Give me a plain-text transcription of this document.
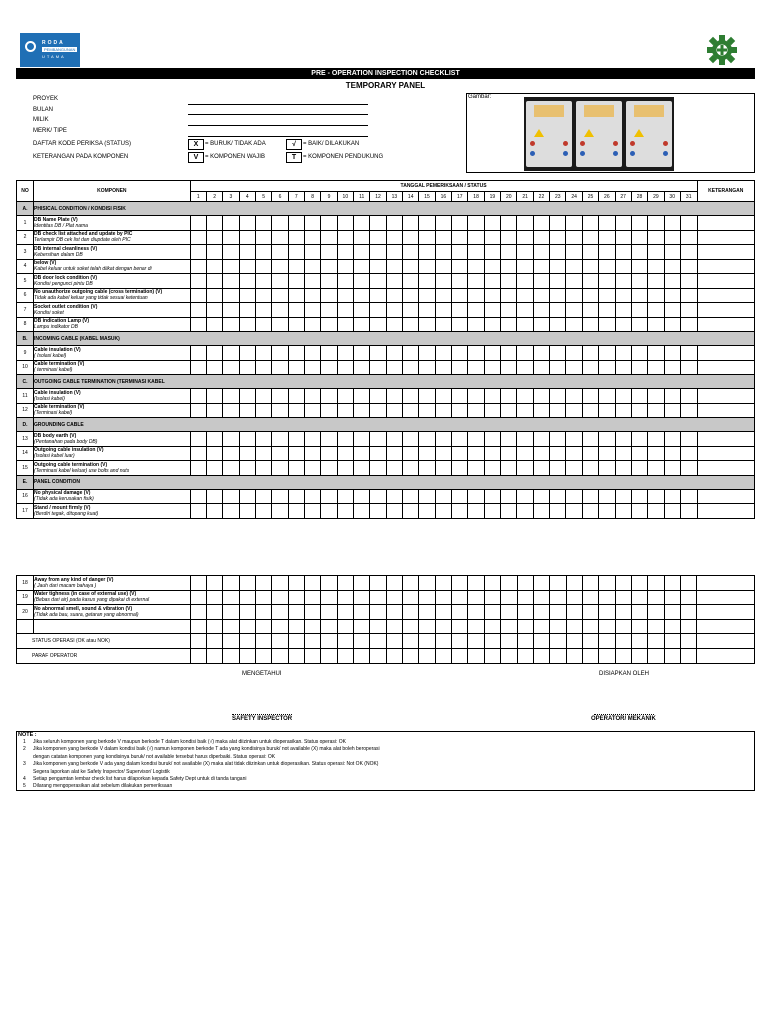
RODA
PEMBANGUNAN
UTAMA
PRE - OPERATION INSPECTION CHECKLIST
TEMPORARY PANEL
PROYEK
BULAN
MILIK
MERK/ TIPE
DAFTAR KODE PERIKSA (STATUS)	X	= BURUK/ TIDAK ADA	√	= BAIK/ DILAKUKAN
KETERANGAN PADA KOMPONEN	V	= KOMPONEN WAJIB	T	= KOMPONEN PENDUKUNG
Gambar:
NO	KOMPONEN	TANGGAL PEMERIKSAAN / STATUS																															KETERANGAN
		1	2	3	4	5	6	7	8	9	10	11	12	13	14	15	16	17	18	19	20	21	22	23	24	25	26	27	28	29	30	31	
A.	PHISICAL CONDITION / KONDISI FISIK																																
1	DB Name Plate (V)
Identitas DB / Plat nama																																

2	DB check list attached and update by PIC
Terlampir DB cek list dan diupdate oleh PIC																																

3	DB internal cleanliness (V)
Kebersihan dalam DB																																

4	below (V)
Kabel keluar untuk soket telah diikat dengan benar di																																

5	DB door lock condition (V)
Kondisi pengunci pintu DB																																

6	No unauthorize outgoing cable (cross termination) (V)
Tidak ada kabel keluar yang tidak sesuai ketentuan																																

7	Socket outlet condition (V)
Kondisi soket																																

8	DB indication Lamp (V)
Lampu indikator DB																																

B.	INCOMING CABLE (KABEL MASUK)																																
9	Cable insulation (V)
( Isolasi kabel)																																

10	Cable termination (V)
( terminasi kabel)																																

C.	OUTGOING CABLE TERMINATION (TERMINASI KABEL																																
11	Cable insulation (V)
(Isolasi kabel)																																

12	Cable termination (V)
(Terminasi kabel)																																

D.	GROUNDING CABLE																																
13	DB body earth (V)
(Pentanahan pada body DB)																																

14	Outgoing cable insulation (V)
(Isolasi kabel luar)																																

15	Outgoing cable termination (V)
(Terminasi kabel keluar) use bolts and nuts																																

E.	PANEL CONDITION																																
16	No physical damage (V)
(Tidak ada kerusakan fisik)																																

17	Stand / mount firmly (V)
(Berdiri tegak, ditopang kuat)																																

18	Away from any kind of danger (V)
( Jauh dari macam bahaya )																																

19	Water tighness (in case of external use) (V)
(Bebas dari air) pada kasus yang dipakai di external																																

20	No abnormal smell, sound & vibration (V)
(Tidak ada bau, suara, getaran yang abnormal)																																

STATUS OPERASI (OK atau NOK)																																	
PARAF OPERATOR																																	
MENGETAHUI	DISIAPKAN OLEH
SAFETY INSPECTOR	OPERATOR/ MEKANIK
NOTE :
1 Jika seluruh komponen yang berkode V maupun berkode T dalam kondisi baik (√) maka alat diizinkan untuk dioperasikan. Status operasi: OK
2 Jika komponen yang berkode V dalam kondisi baik (√) namun komponen berkode T ada yang kondisinya buruk/ not available (X) maka alat boleh beroperasi
dengan catatan komponen yang kondisinya buruk/ not available tersebut harus diperbaiki. Status operasi: OK
3 Jika komponen yang berkode V ada yang dalam kondisi buruk/ not available (X) maka alat tidak diizinkan untuk dioperasikan. Status operasi: Not OK (NOK)
Segera laporkan alat ke Safety Inspector/ Supervisor/ Logistik
4 Setiap pengamtan lembar check list harus dilaporkan kepada Safety Dept untuk di tanda tangani
5 Dilarang mengoperasikan alat sebelum dilakukan pemeriksaan
